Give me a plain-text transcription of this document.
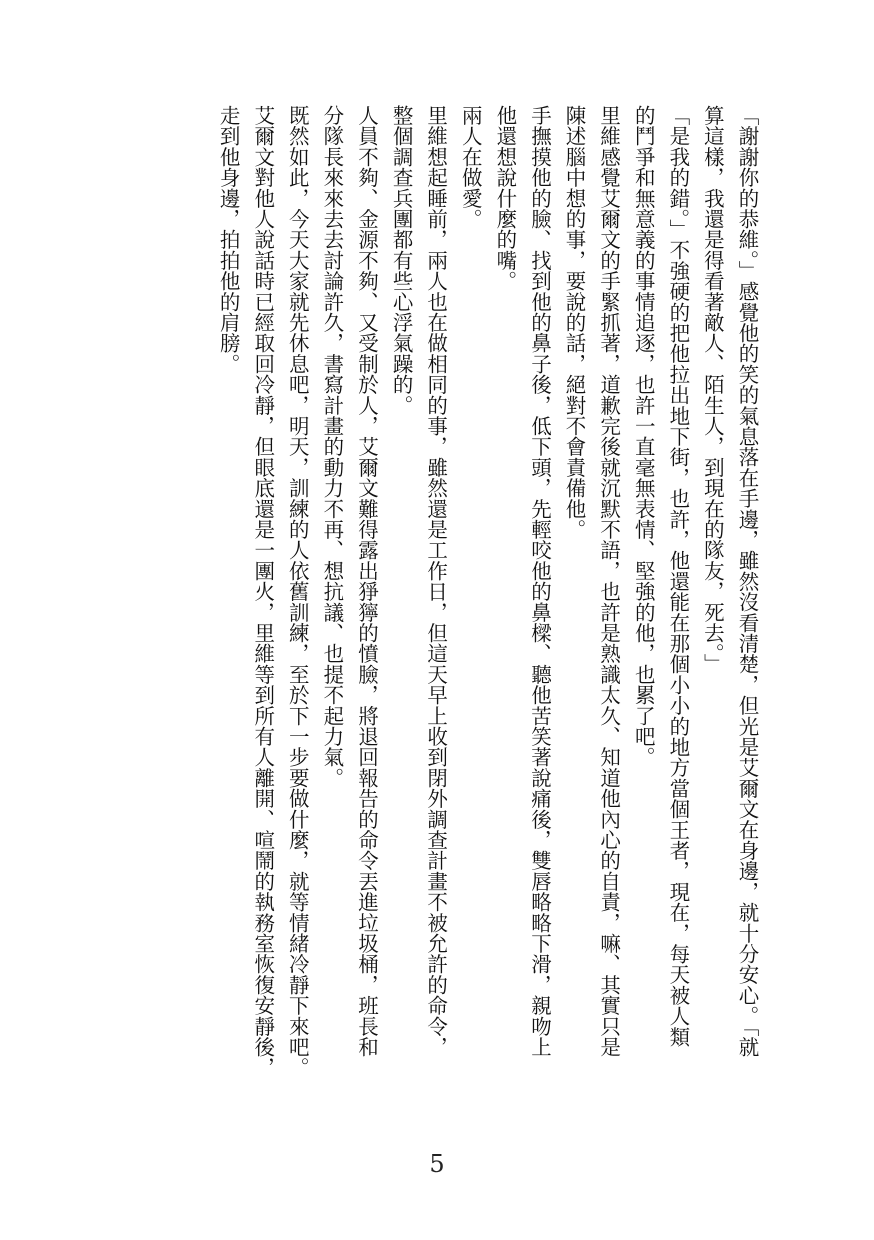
「謝謝你的恭維。」感覺他的笑的氣息落在手邊，雖然沒看清楚，但光是艾爾文在身邊，就十分安心。「就
算這樣，我還是得看著敵人、陌生人，到現在的隊友，死去。」
「是我的錯。」不強硬的把他拉出地下街，也許，他還能在那個小小的地方當個王者，現在，每天被人類
的鬥爭和無意義的事情追逐，也許一直毫無表情、堅強的他，也累了吧。
里維感覺艾爾文的手緊抓著，道歉完後就沉默不語，也許是熟識太久、知道他內心的自責，嘛、其實只是
陳述腦中想的事，要說的話，絕對不會責備他。
手撫摸他的臉、找到他的鼻子後，低下頭，先輕咬他的鼻樑、聽他苦笑著說痛後，雙唇略略下滑，親吻上
他還想說什麼的嘴。
兩人在做愛。
里維想起睡前，兩人也在做相同的事，雖然還是工作日，但這天早上收到閉外調查計畫不被允許的命令，
整個調查兵團都有些心浮氣躁的。
人員不夠、金源不夠、又受制於人，艾爾文難得露出猙獰的憤臉，將退回報告的命令丟進垃圾桶，班長和
分隊長來來去去討論許久，書寫計畫的動力不再、想抗議、也提不起力氣。
既然如此，今天大家就先休息吧，明天，訓練的人依舊訓練，至於下一步要做什麼，就等情緒冷靜下來吧。
艾爾文對他人說話時已經取回冷靜，但眼底還是一團火，里維等到所有人離開、喧鬧的執務室恢復安靜後，
走到他身邊，拍拍他的肩膀。
5
